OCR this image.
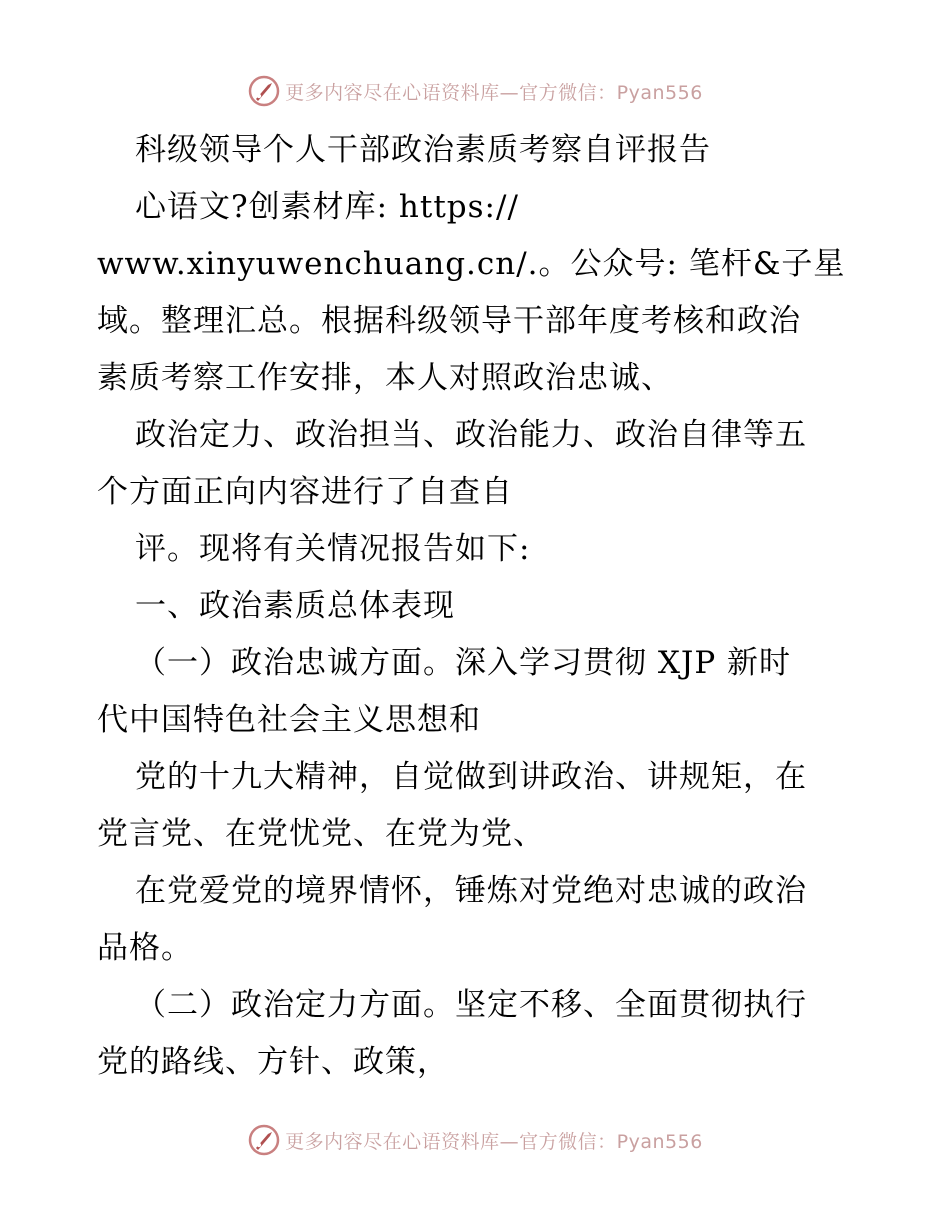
更多内容尽在心语资料库—官方微信：Pyan556
科级领导个人干部政治素质考察自评报告
心语文?创素材库: https://
www.xinyuwenchuang.cn/.。公众号: 笔杆&子星
域。整理汇总。根据科级领导干部年度考核和政治
素质考察工作安排，本人对照政治忠诚、
政治定力、政治担当、政治能力、政治自律等五
个方面正向内容进行了自查自
评。现将有关情况报告如下:
一、政治素质总体表现
（一）政治忠诚方面。深入学习贯彻 XJP 新时
代中国特色社会主义思想和
党的十九大精神，自觉做到讲政治、讲规矩，在
党言党、在党忧党、在党为党、
在党爱党的境界情怀，锤炼对党绝对忠诚的政治
品格。
（二）政治定力方面。坚定不移、全面贯彻执行
党的路线、方针、政策，
更多内容尽在心语资料库—官方微信：Pyan556
